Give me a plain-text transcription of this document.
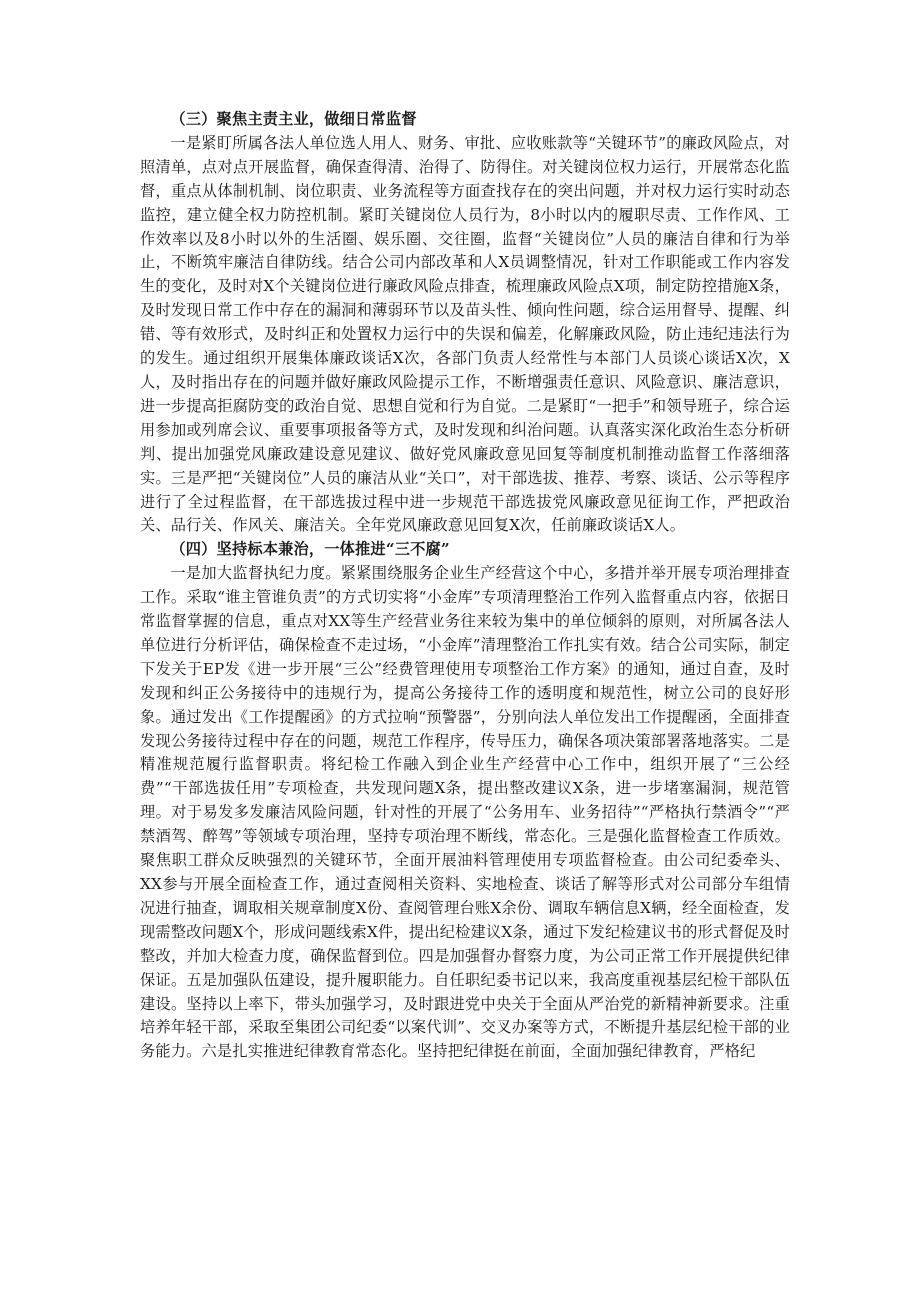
（三）聚焦主责主业，做细日常监督

一是紧盯所属各法人单位选人用人、财务、审批、应收账款等“关键环节”的廉政风险点，对照清单，点对点开展监督，确保查得清、治得了、防得住。对关键岗位权力运行，开展常态化监督，重点从体制机制、岗位职责、业务流程等方面查找存在的突出问题，并对权力运行实时动态监控，建立健全权力防控机制。紧盯关键岗位人员行为，8小时以内的履职尽责、工作作风、工作效率以及8小时以外的生活圈、娱乐圈、交往圈，监督“关键岗位”人员的廉洁自律和行为举止，不断筑牢廉洁自律防线。结合公司内部改革和人X员调整情况，针对工作职能或工作内容发生的变化，及时对X个关键岗位进行廉政风险点排查，梳理廉政风险点X项，制定防控措施X条，及时发现日常工作中存在的漏洞和薄弱环节以及苗头性、倾向性问题，综合运用督导、提醒、纠错、等有效形式，及时纠正和处置权力运行中的失误和偏差，化解廉政风险，防止违纪违法行为的发生。通过组织开展集体廉政谈话X次，各部门负责人经常性与本部门人员谈心谈话X次，X人，及时指出存在的问题并做好廉政风险提示工作，不断增强责任意识、风险意识、廉洁意识，进一步提高拒腐防变的政治自觉、思想自觉和行为自觉。二是紧盯“一把手”和领导班子，综合运用参加或列席会议、重要事项报备等方式，及时发现和纠治问题。认真落实深化政治生态分析研判、提出加强党风廉政建设意见建议、做好党风廉政意见回复等制度机制推动监督工作落细落实。三是严把“关键岗位”人员的廉洁从业“关口”，对干部选拔、推荐、考察、谈话、公示等程序进行了全过程监督，在干部选拔过程中进一步规范干部选拔党风廉政意见征询工作，严把政治关、品行关、作风关、廉洁关。全年党风廉政意见回复X次，任前廉政谈话X人。

（四）坚持标本兼治，一体推进“三不腐”

一是加大监督执纪力度。紧紧围绕服务企业生产经营这个中心，多措并举开展专项治理排查工作。采取“谁主管谁负责”的方式切实将“小金库”专项清理整治工作列入监督重点内容，依据日常监督掌握的信息，重点对XX等生产经营业务往来较为集中的单位倾斜的原则，对所属各法人单位进行分析评估，确保检查不走过场，“小金库”清理整治工作扎实有效。结合公司实际，制定下发关于EP发《进一步开展“三公”经费管理使用专项整治工作方案》的通知，通过自查，及时发现和纠正公务接待中的违规行为，提高公务接待工作的透明度和规范性，树立公司的良好形象。通过发出《工作提醒函》的方式拉响“预警器”，分别向法人单位发出工作提醒函，全面排查发现公务接待过程中存在的问题，规范工作程序，传导压力，确保各项决策部署落地落实。二是精准规范履行监督职责。将纪检工作融入到企业生产经营中心工作中，组织开展了“三公经费”“干部选拔任用”专项检查，共发现问题X条，提出整改建议X条，进一步堵塞漏洞，规范管理。对于易发多发廉洁风险问题，针对性的开展了“公务用车、业务招待”“严格执行禁酒令”“严禁酒驾、醉驾”等领域专项治理，坚持专项治理不断线，常态化。三是强化监督检查工作质效。聚焦职工群众反映强烈的关键环节，全面开展油料管理使用专项监督检查。由公司纪委牵头、XX参与开展全面检查工作，通过查阅相关资料、实地检查、谈话了解等形式对公司部分车组情况进行抽查，调取相关规章制度X份、查阅管理台账X余份、调取车辆信息X辆，经全面检查，发现需整改问题X个，形成问题线索X件，提出纪检建议X条，通过下发纪检建议书的形式督促及时整改，并加大检查力度，确保监督到位。四是加强督办督察力度，为公司正常工作开展提供纪律保证。五是加强队伍建设，提升履职能力。自任职纪委书记以来，我高度重视基层纪检干部队伍建设。坚持以上率下，带头加强学习，及时跟进党中央关于全面从严治党的新精神新要求。注重培养年轻干部，采取至集团公司纪委“以案代训”、交叉办案等方式，不断提升基层纪检干部的业务能力。六是扎实推进纪律教育常态化。坚持把纪律挺在前面，全面加强纪律教育，严格纪
